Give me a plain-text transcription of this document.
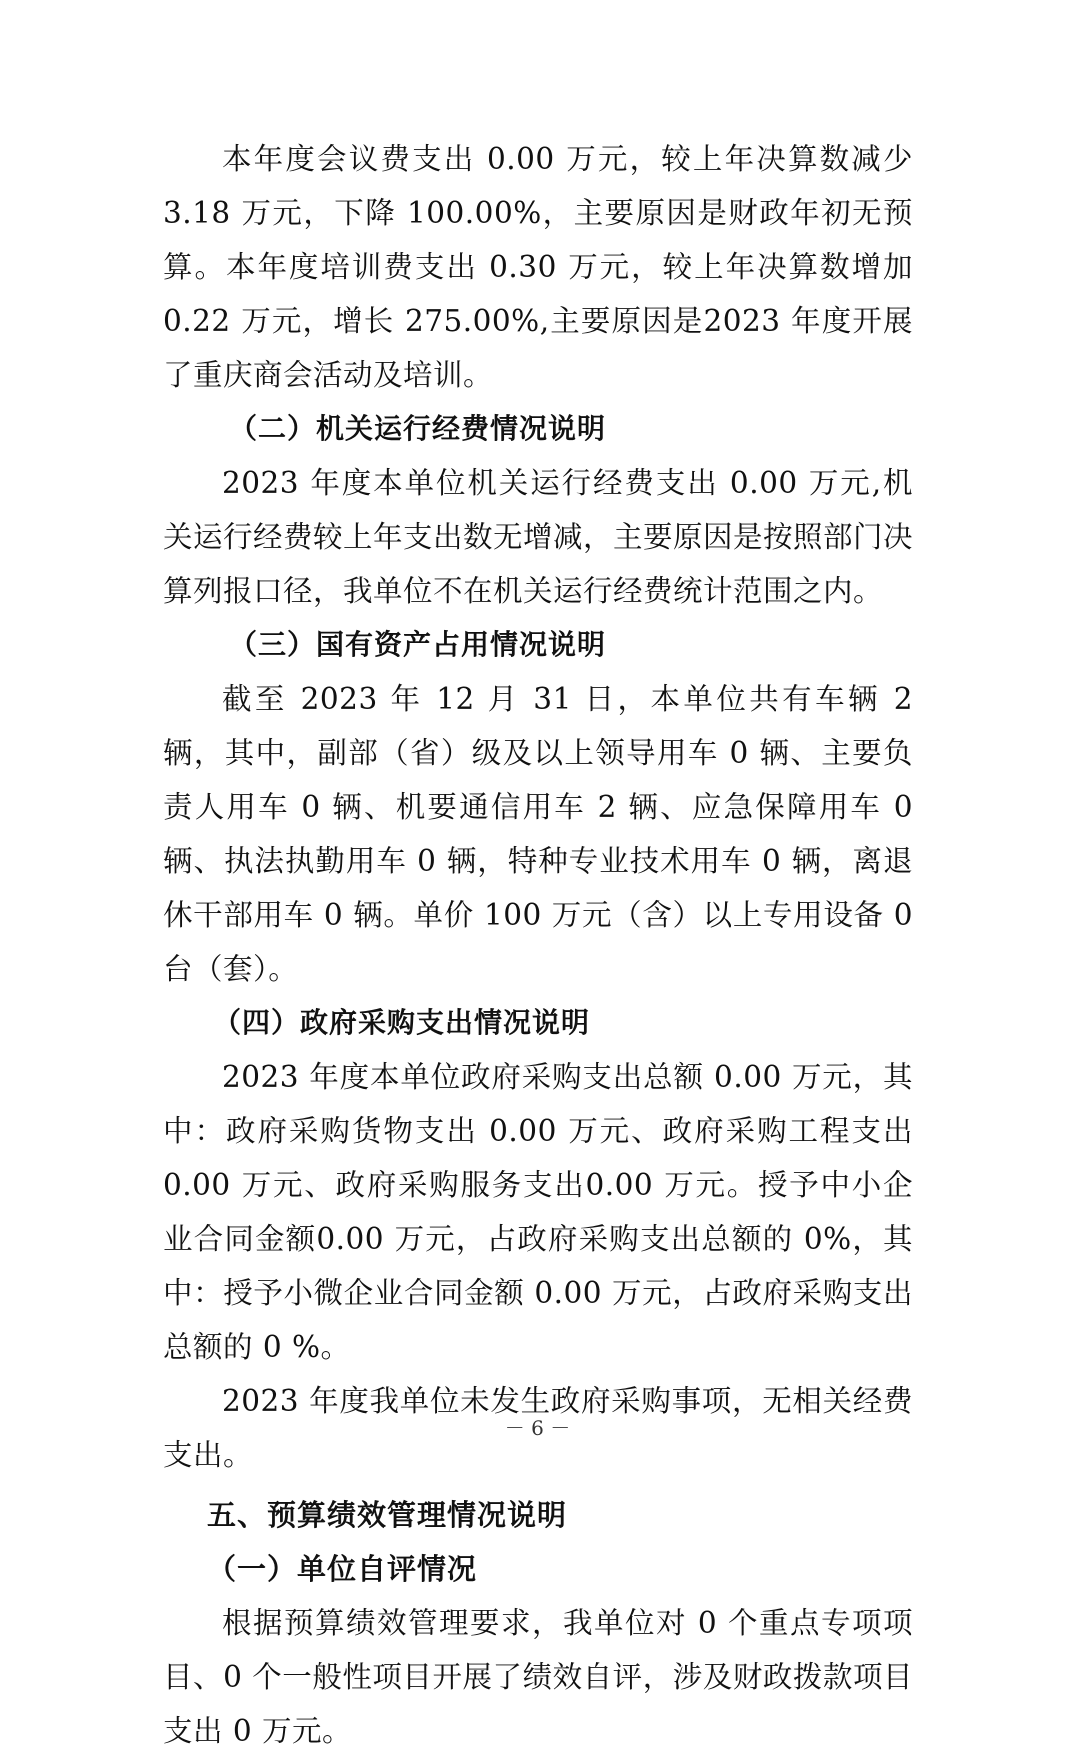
本年度会议费支出 0.00 万元，较上年决算数减少 3.18 万元，下降 100.00%，主要原因是财政年初无预算。本年度培训费支出 0.30 万元，较上年决算数增加 0.22 万元，增长 275.00%,主要原因是2023 年度开展了重庆商会活动及培训。

（二）机关运行经费情况说明

2023 年度本单位机关运行经费支出 0.00 万元,机关运行经费较上年支出数无增减，主要原因是按照部门决算列报口径，我单位不在机关运行经费统计范围之内。

（三）国有资产占用情况说明

截至 2023 年 12 月 31 日，本单位共有车辆 2 辆，其中，副部（省）级及以上领导用车 0 辆、主要负责人用车 0 辆、机要通信用车 2 辆、应急保障用车 0 辆、执法执勤用车 0 辆，特种专业技术用车 0 辆，离退休干部用车 0 辆。单价 100 万元（含）以上专用设备 0 台（套）。

（四）政府采购支出情况说明

2023 年度本单位政府采购支出总额 0.00 万元，其中：政府采购货物支出 0.00 万元、政府采购工程支出 0.00 万元、政府采购服务支出0.00 万元。授予中小企业合同金额0.00 万元，占政府采购支出总额的 0%，其中：授予小微企业合同金额 0.00 万元，占政府采购支出总额的 0 %。

2023 年度我单位未发生政府采购事项，无相关经费支出。

五、预算绩效管理情况说明

（一）单位自评情况

根据预算绩效管理要求，我单位对 0 个重点专项项目、0 个一般性项目开展了绩效自评，涉及财政拨款项目支出 0 万元。

－ 6 －
